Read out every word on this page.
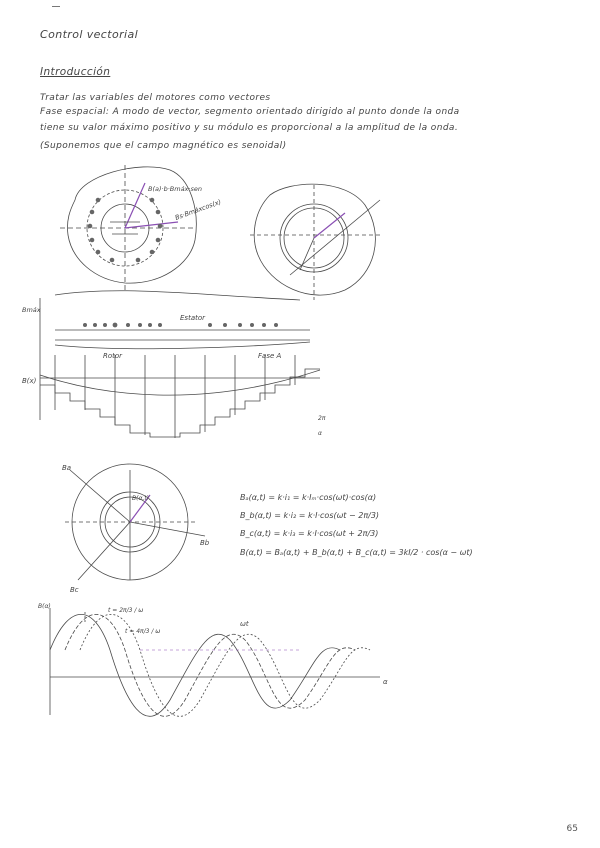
Control vectorial
Introducción
Tratar las variables del motores como vectores
Fase espacial: A modo de vector, segmento orientado dirigido al punto donde la onda
tiene su valor máximo positivo y su módulo es proporcional a la amplitud de la onda.
(Suponemos que el campo magnético es senoidal)
B(a)·b·Bmáx·sen
Bs·Bmáxcos(x)
Bmáx
Estator
Rotor	Fase A
B(x)
2π
α
Ba
Bb
Bc
B(α,t)
t = 2π/3 / ω
t = 4π/3 / ω
ωt
α
B(α)
Bₐ(α,t) = k·i₁ = k·Iₘ·cos(ωt)·cos(α)
B_b(α,t) = k·i₂ = k·I·cos(ωt − 2π/3)
B_c(α,t) = k·i₃ = k·I·cos(ωt + 2π/3)
B(α,t) = Bₐ(α,t) + B_b(α,t) + B_c(α,t) = 3kI/2 · cos(α − ωt)
65
